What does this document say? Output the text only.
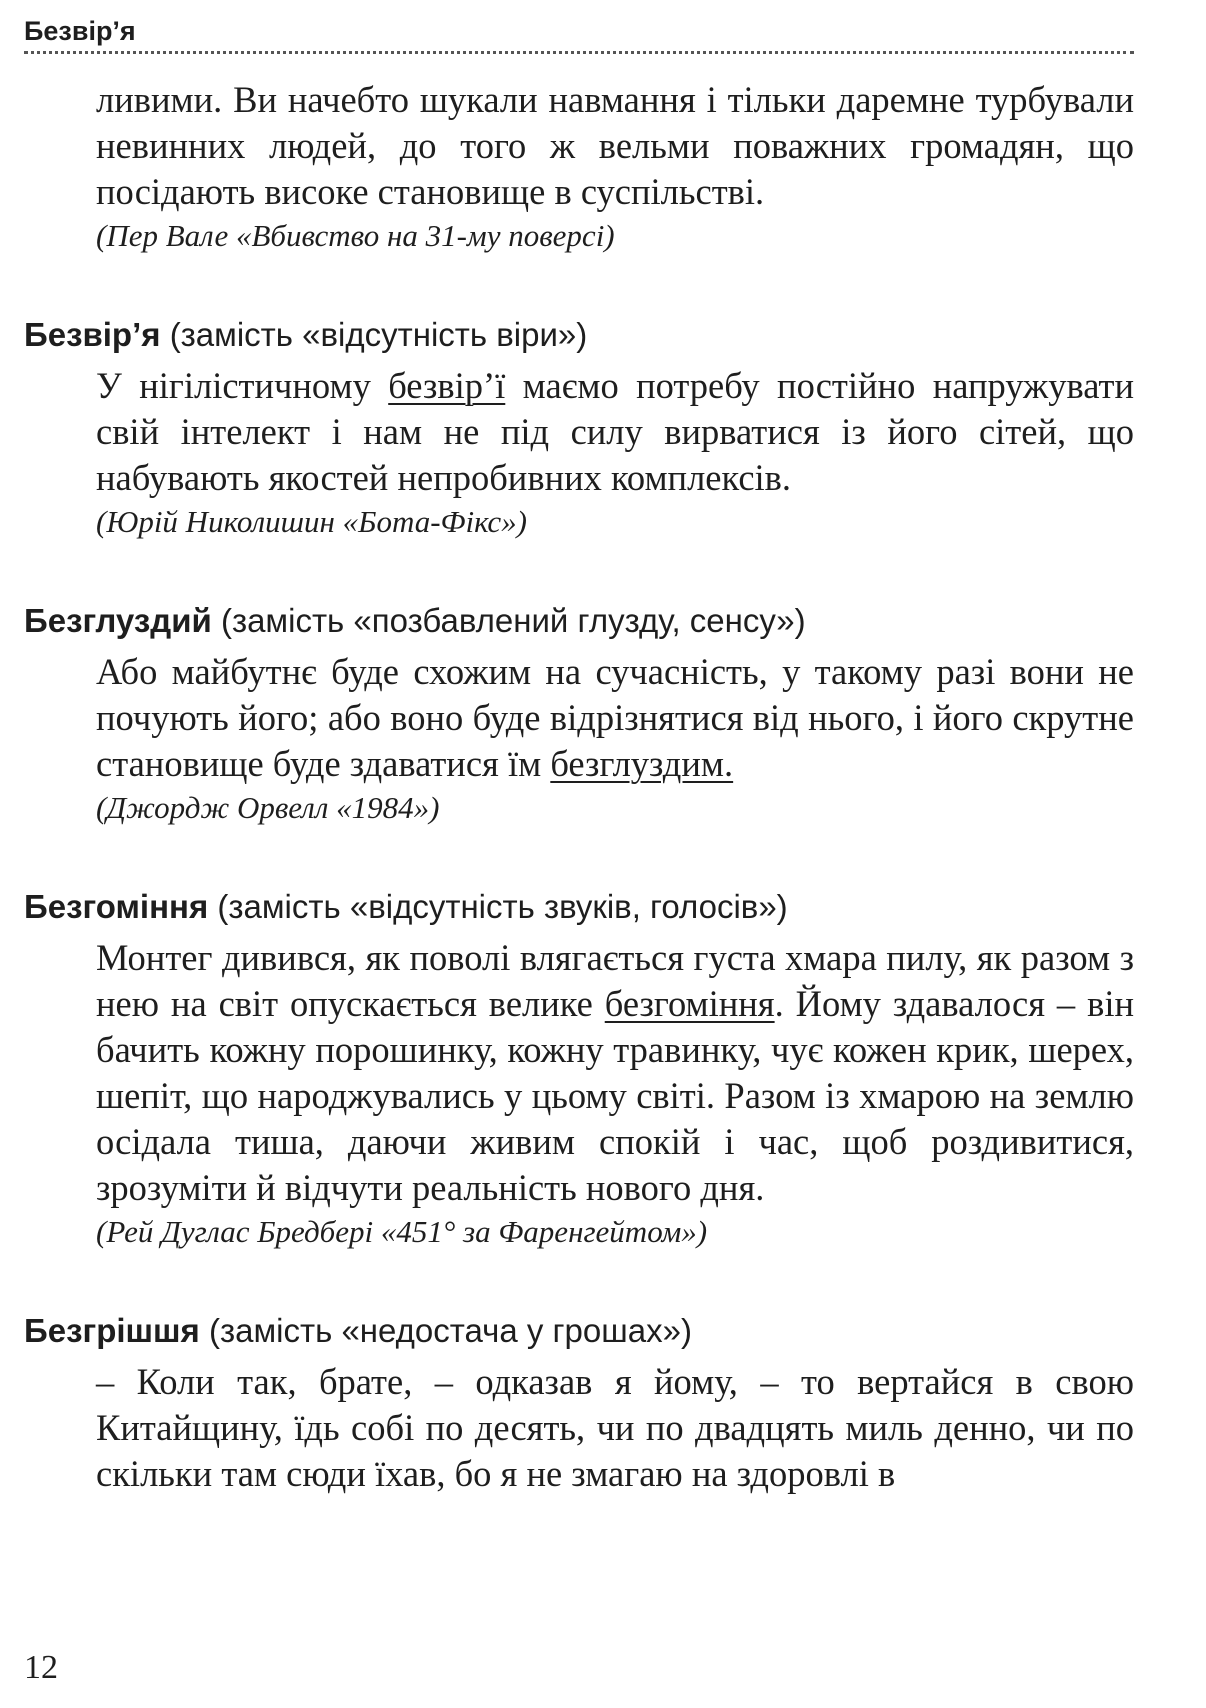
Безвір’я
ливими. Ви начебто шукали навмання і тільки даремне турбували невинних людей, до того ж вельми поважних громадян, що посідають високе становище в суспільстві.
(Пер Вале «Вбивство на 31-му поверсі)
Безвір’я (замість «відсутність віри»)
У нігілістичному безвір’ї маємо потребу постійно напружувати свій інтелект і нам не під силу вирватися із його сітей, що набувають якостей непробивних комплексів.
(Юрій Николишин «Бота-Фікс»)
Безглуздий (замість «позбавлений глузду, сенсу»)
Або майбутнє буде схожим на сучасність, у такому разі вони не почують його; або воно буде відрізнятися від нього, і його скрутне становище буде здаватися їм безглуздим.
(Джордж Орвелл «1984»)
Безгоміння (замість «відсутність звуків, голосів»)
Монтег дивився, як поволі влягається густа хмара пилу, як разом з нею на світ опускається велике безгоміння. Йому здавалося – він бачить кожну порошинку, кожну травинку, чує кожен крик, шерех, шепіт, що народжувались у цьому світі. Разом із хмарою на землю осідала тиша, даючи живим спокій і час, щоб роздивитися, зрозуміти й відчути реальність нового дня.
(Рей Дуглас Бредбері «451° за Фаренгейтом»)
Безгрішшя (замість «недостача у грошах»)
– Коли так, брате, – одказав я йому, – то вертайся в свою Китайщину, їдь собі по десять, чи по двадцять миль денно, чи по скільки там сюди їхав, бо я не змагаю на здоровлі в
12
